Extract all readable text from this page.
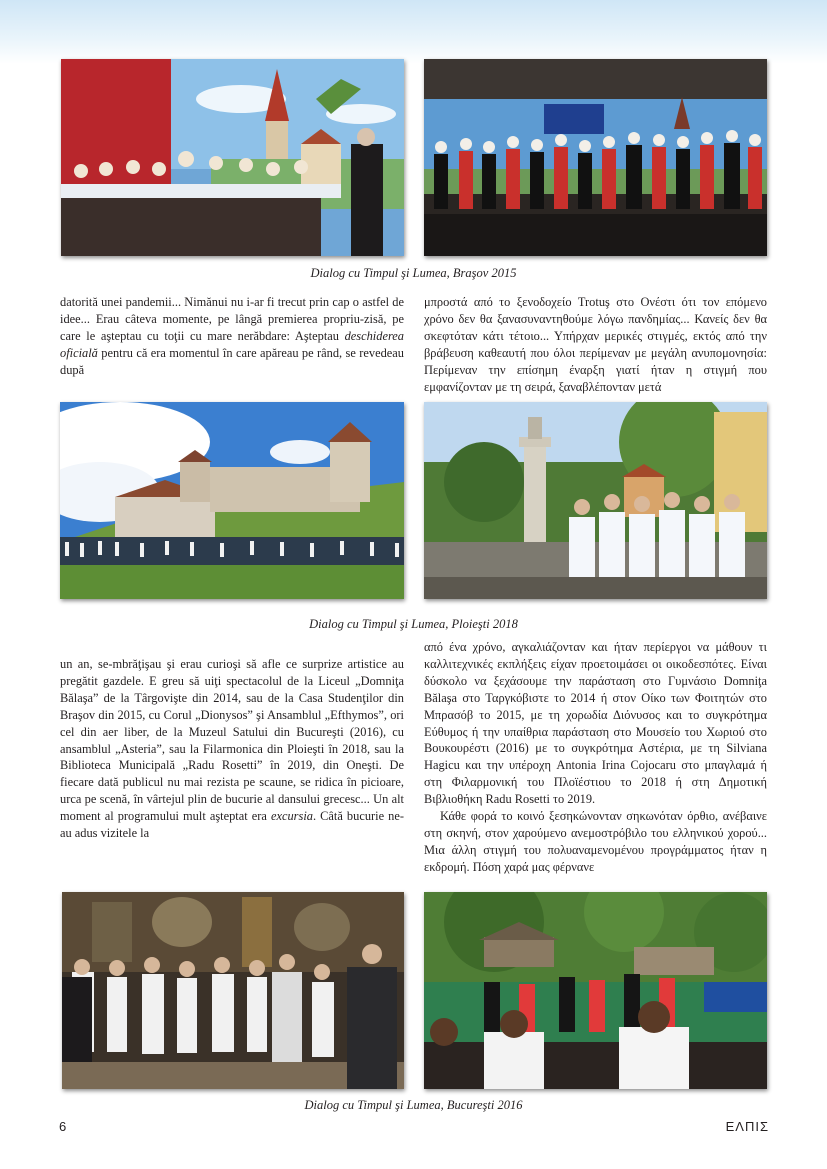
Dialog cu Timpul şi Lumea, Braşov 2015

datorită unei pandemii... Nimănui nu i-ar fi trecut prin cap o astfel de idee... Erau câteva momente, pe lângă premierea propriu-zisă, pe care le aşteptau cu toţii cu mare nerăbdare: Aşteptau deschiderea oficială pentru că era momentul în care apăreau pe rând, se revedeau după

μπροστά από το ξενοδοχείο Trotuş στο Ονέστι ότι τον επόμενο χρόνο δεν θα ξανασυναντηθούμε λόγω πανδημίας... Κανείς δεν θα σκεφτόταν κάτι τέτοιο... Υπήρχαν μερικές στιγμές, εκτός από την βράβευση καθεαυτή που όλοι περίμεναν με μεγάλη ανυπομονησία: Περίμεναν την επίσημη έναρξη γιατί ήταν η στιγμή που εμφανίζονταν με τη σειρά, ξαναβλέπονταν μετά

Dialog cu Timpul şi Lumea, Ploieşti 2018

un an, se-mbrăţişau şi erau curioşi să afle ce surprize artistice au pregătit gazdele. E greu să uiţi spectacolul de la Liceul „Domniţa Bălaşa” de la Târgovişte din 2014, sau de la Casa Studenţilor din Braşov din 2015, cu Corul „Dionysos” şi Ansamblul „Efthymos”, ori cel din aer liber, de la Muzeul Satului din Bucureşti (2016), cu ansamblul „Asteria”, sau la Filarmonica din Ploieşti în 2018, sau la Biblioteca Municipală „Radu Rosetti” în 2019, din Oneşti. De fiecare dată publicul nu mai rezista pe scaune, se ridica în picioare, urca pe scenă, în vârtejul plin de bucurie al dansului grecesc... Un alt moment al programului mult aşteptat era excursia. Câtă bucurie ne-au adus vizitele la

από ένα χρόνο, αγκαλιάζονταν και ήταν περίεργοι να μάθουν τι καλλιτεχνικές εκπλήξεις είχαν προετοιμάσει οι οικοδεσπότες. Είναι δύσκολο να ξεχάσουμε την παράσταση στο Γυμνάσιο Domniţa Bălaşa στο Ταργκόβιστε το 2014 ή στον Οίκο των Φοιτητών στο Μπρασόβ το 2015, με τη χορωδία Διόνυσος και το συγκρότημα Εύθυμος ή την υπαίθρια παράσταση στο Μουσείο του Χωριού στο Βουκουρέστι (2016) με το συγκρότημα Αστέρια, με τη Silviana Hagicu και την υπέροχη Antonia Irina Cojocaru στο μπαγλαμά ή στη Φιλαρμονική του Πλοϊέστιου το 2018 ή στη Δημοτική Βιβλιοθήκη Radu Rosetti το 2019.

Κάθε φορά το κοινό ξεσηκώνονταν σηκωνόταν όρθιο, ανέβαινε στη σκηνή, στον χαρούμενο ανεμοστρόβιλο του ελληνικού χορού... Μια άλλη στιγμή του πολυαναμενομένου προγράμματος ήταν η εκδρομή. Πόση χαρά μας φέρνανε

Dialog cu Timpul şi Lumea, Bucureşti 2016
6	ΕΛΠΙΣ
